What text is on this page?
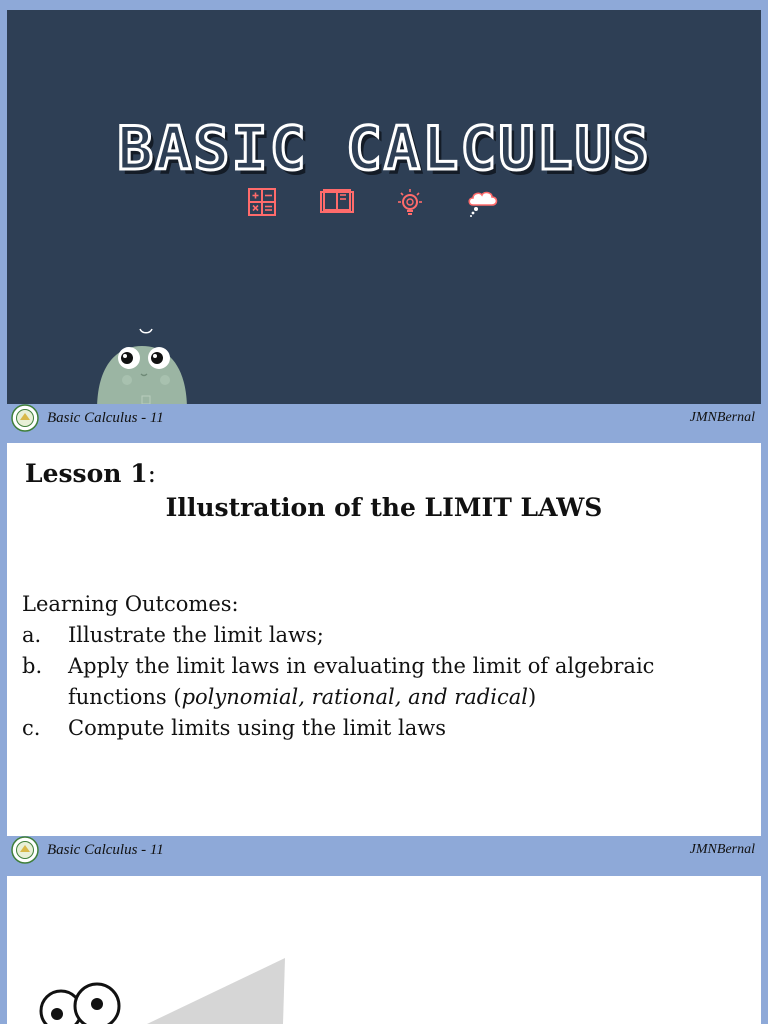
BASIC CALCULUS
Basic Calculus - 11	JMNBernal
Lesson 1:
Illustration of the LIMIT LAWS
Learning Outcomes:
a.	Illustrate the limit laws;
b.	Apply the limit laws in evaluating the limit of algebraic functions (polynomial, rational, and radical)
c.	Compute limits using the limit laws
Basic Calculus - 11	JMNBernal
